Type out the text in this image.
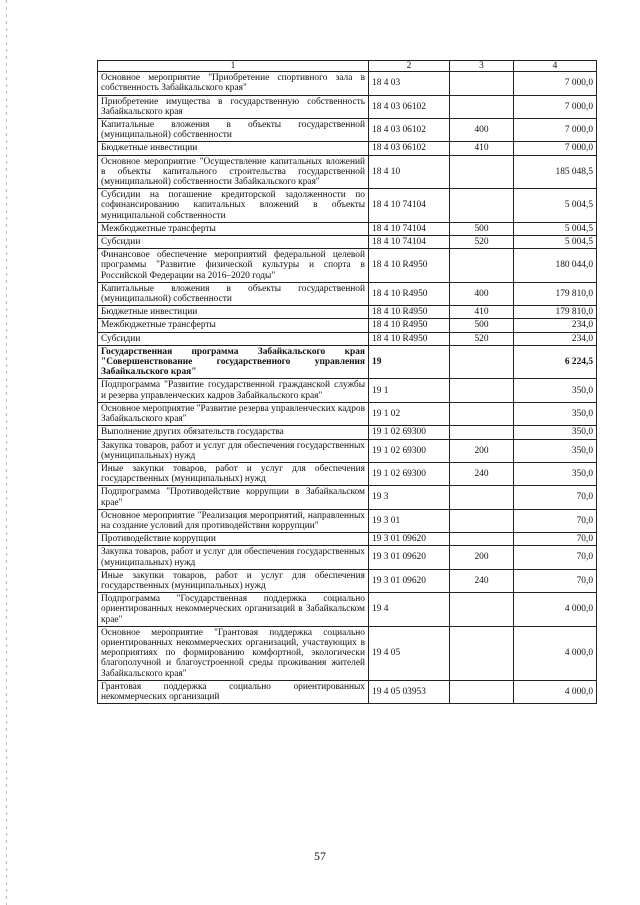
1	2	3	4
Основное мероприятие "Приобретение спортивного зала в собственность Забайкальского края"	18 4 03		7 000,0
Приобретение имущества в государственную собственность Забайкальского края	18 4 03 06102		7 000,0
Капитальные вложения в объекты государственной (муниципальной) собственности	18 4 03 06102	400	7 000,0
Бюджетные инвестиции	18 4 03 06102	410	7 000,0
Основное мероприятие "Осуществление капитальных вложений в объекты капитального строительства государственной (муниципальной) собственности Забайкальского края"	18 4 10		185 048,5
Субсидии на погашение кредиторской задолженности по софинансированию капитальных вложений в объекты муниципальной собственности	18 4 10 74104		5 004,5
Межбюджетные трансферты	18 4 10 74104	500	5 004,5
Субсидии	18 4 10 74104	520	5 004,5
Финансовое обеспечение мероприятий федеральной целевой программы "Развитие физической культуры и спорта в Российской Федерации на 2016–2020 годы"	18 4 10 R4950		180 044,0
Капитальные вложения в объекты государственной (муниципальной) собственности	18 4 10 R4950	400	179 810,0
Бюджетные инвестиции	18 4 10 R4950	410	179 810,0
Межбюджетные трансферты	18 4 10 R4950	500	234,0
Субсидии	18 4 10 R4950	520	234,0
Государственная программа Забайкальского края "Совершенствование государственного управления Забайкальского края"	19		6 224,5
Подпрограмма "Развитие государственной гражданской службы и резерва управленческих кадров Забайкальского края"	19 1		350,0
Основное мероприятие "Развитие резерва управленческих кадров Забайкальского края"	19 1 02		350,0
Выполнение других обязательств государства	19 1 02 69300		350,0
Закупка товаров, работ и услуг для обеспечения государственных (муниципальных) нужд	19 1 02 69300	200	350,0
Иные закупки товаров, работ и услуг для обеспечения государственных (муниципальных) нужд	19 1 02 69300	240	350,0
Подпрограмма "Противодействие коррупции в Забайкальском крае"	19 3		70,0
Основное мероприятие "Реализация мероприятий, направленных на создание условий для противодействия коррупции"	19 3 01		70,0
Противодействие коррупции	19 3 01 09620		70,0
Закупка товаров, работ и услуг для обеспечения государственных (муниципальных) нужд	19 3 01 09620	200	70,0
Иные закупки товаров, работ и услуг для обеспечения государственных (муниципальных) нужд	19 3 01 09620	240	70,0
Подпрограмма "Государственная поддержка социально ориентированных некоммерческих организаций в Забайкальском крае"	19 4		4 000,0
Основное мероприятие "Грантовая поддержка социально ориентированных некоммерческих организаций, участвующих в мероприятиях по формированию комфортной, экологически благополучной и благоустроенной среды проживания жителей Забайкальского края"	19 4 05		4 000,0
Грантовая поддержка социально ориентированных некоммерческих организаций	19 4 05 03953		4 000,0
57
